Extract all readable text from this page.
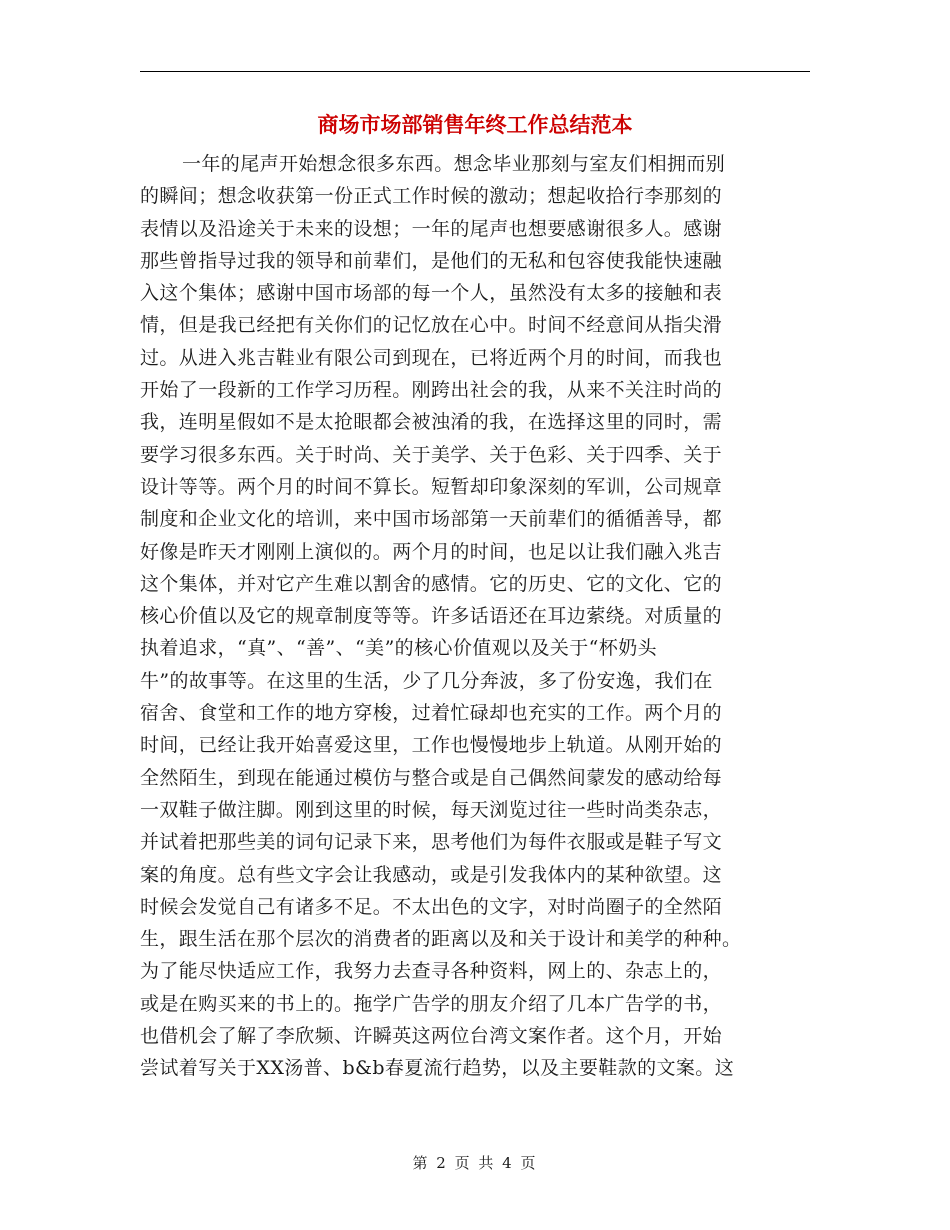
商场市场部销售年终工作总结范本
一年的尾声开始想念很多东西。想念毕业那刻与室友们相拥而别
的瞬间；想念收获第一份正式工作时候的激动；想起收拾行李那刻的
表情以及沿途关于未来的设想；一年的尾声也想要感谢很多人。感谢
那些曾指导过我的领导和前辈们，是他们的无私和包容使我能快速融
入这个集体；感谢中国市场部的每一个人，虽然没有太多的接触和表
情，但是我已经把有关你们的记忆放在心中。时间不经意间从指尖滑
过。从进入兆吉鞋业有限公司到现在，已将近两个月的时间，而我也
开始了一段新的工作学习历程。刚跨出社会的我，从来不关注时尚的
我，连明星假如不是太抢眼都会被浊淆的我，在选择这里的同时，需
要学习很多东西。关于时尚、关于美学、关于色彩、关于四季、关于
设计等等。两个月的时间不算长。短暂却印象深刻的军训，公司规章
制度和企业文化的培训，来中国市场部第一天前辈们的循循善导，都
好像是昨天才刚刚上演似的。两个月的时间，也足以让我们融入兆吉
这个集体，并对它产生难以割舍的感情。它的历史、它的文化、它的
核心价值以及它的规章制度等等。许多话语还在耳边萦绕。对质量的
执着追求，“真”、“善”、“美”的核心价值观以及关于“杯奶头
牛”的故事等。在这里的生活，少了几分奔波，多了份安逸，我们在
宿舍、食堂和工作的地方穿梭，过着忙碌却也充实的工作。两个月的
时间，已经让我开始喜爱这里，工作也慢慢地步上轨道。从刚开始的
全然陌生，到现在能通过模仿与整合或是自己偶然间蒙发的感动给每
一双鞋子做注脚。刚到这里的时候，每天浏览过往一些时尚类杂志，
并试着把那些美的词句记录下来，思考他们为每件衣服或是鞋子写文
案的角度。总有些文字会让我感动，或是引发我体内的某种欲望。这
时候会发觉自己有诸多不足。不太出色的文字，对时尚圈子的全然陌
生，跟生活在那个层次的消费者的距离以及和关于设计和美学的种种。
为了能尽快适应工作，我努力去查寻各种资料，网上的、杂志上的，
或是在购买来的书上的。拖学广告学的朋友介绍了几本广告学的书，
也借机会了解了李欣频、许瞬英这两位台湾文案作者。这个月，开始
尝试着写关于XX汤普、b&b春夏流行趋势，以及主要鞋款的文案。这
第 2 页 共 4 页
